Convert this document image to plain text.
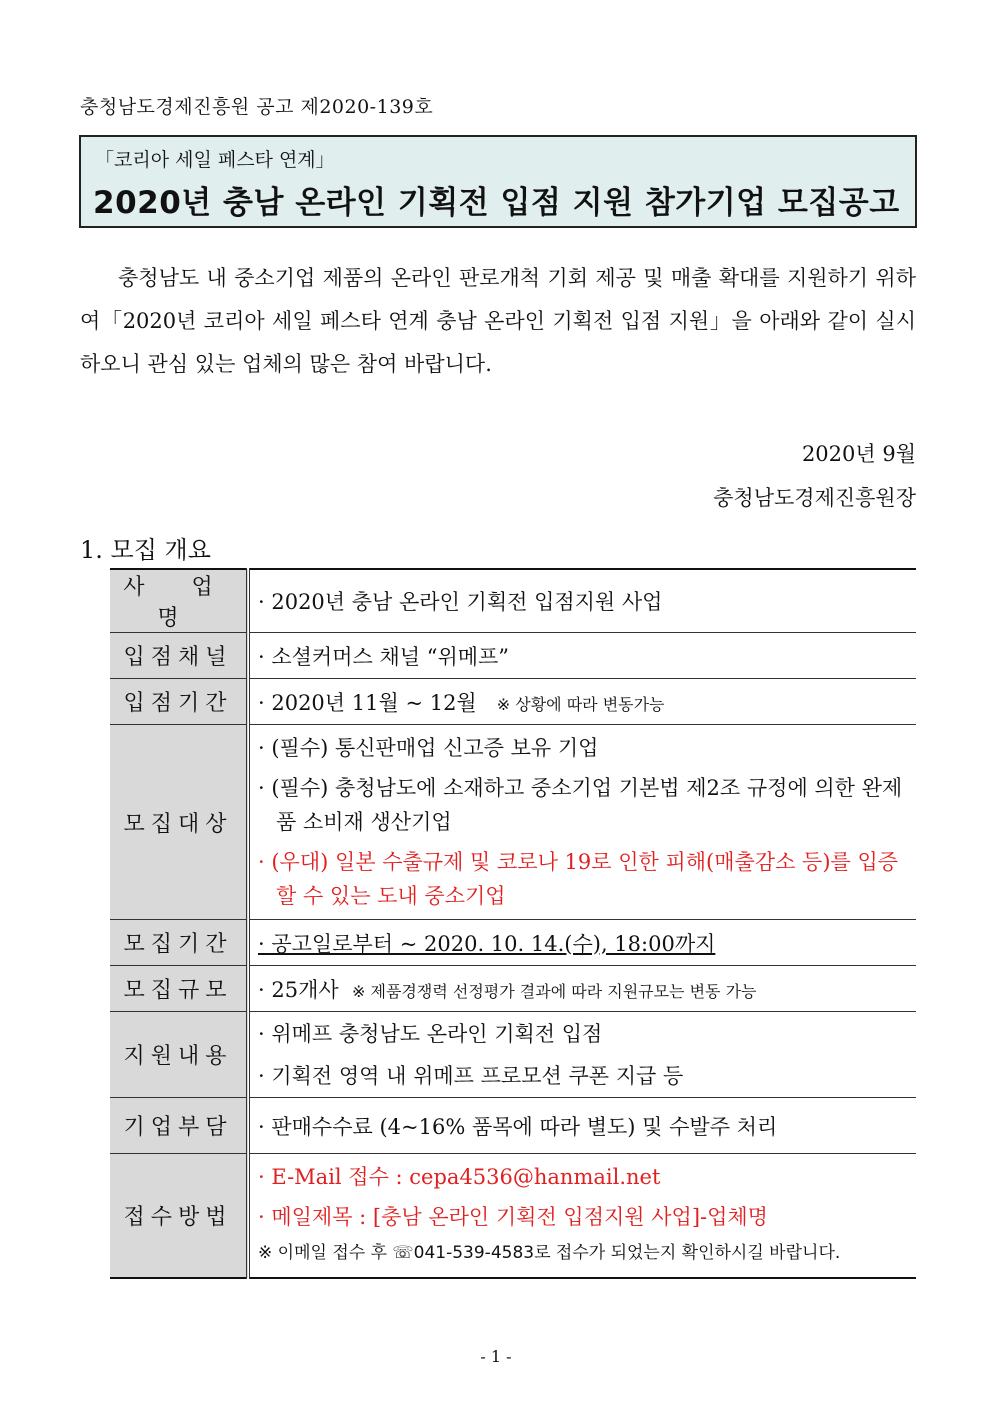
충청남도경제진흥원 공고 제2020-139호
「코리아 세일 페스타 연계」
2020년 충남 온라인 기획전 입점 지원 참가기업 모집공고
충청남도 내 중소기업 제품의 온라인 판로개척 기회 제공 및 매출 확대를 지원하기 위하여「2020년 코리아 세일 페스타 연계 충남 온라인 기획전 입점 지원」을 아래와 같이 실시하오니 관심 있는 업체의 많은 참여 바랍니다.
2020년 9월
충청남도경제진흥원장
1. 모집 개요
사 업 명	· 2020년 충남 온라인 기획전 입점지원 사업
입점채널	· 소셜커머스 채널 “위메프”
입점기간	· 2020년 11월 ~ 12월 ※ 상황에 따라 변동가능
모집대상	· (필수) 통신판매업 신고증 보유 기업
· (필수) 충청남도에 소재하고 중소기업 기본법 제2조 규정에 의한 완제품 소비재 생산기업
· (우대) 일본 수출규제 및 코로나 19로 인한 피해(매출감소 등)를 입증할 수 있는 도내 중소기업

모집기간	· 공고일로부터 ~ 2020. 10. 14.(수), 18:00까지
모집규모	· 25개사 ※ 제품경쟁력 선정평가 결과에 따라 지원규모는 변동 가능
지원내용	· 위메프 충청남도 온라인 기획전 입점
· 기획전 영역 내 위메프 프로모션 쿠폰 지급 등

기업부담	· 판매수수료 (4~16% 품목에 따라 별도) 및 수발주 처리
접수방법	· E-Mail 접수 : cepa4536@hanmail.net
· 메일제목 : [충남 온라인 기획전 입점지원 사업]-업체명
※ 이메일 접수 후 ☏041-539-4583로 접수가 되었는지 확인하시길 바랍니다.
- 1 -
